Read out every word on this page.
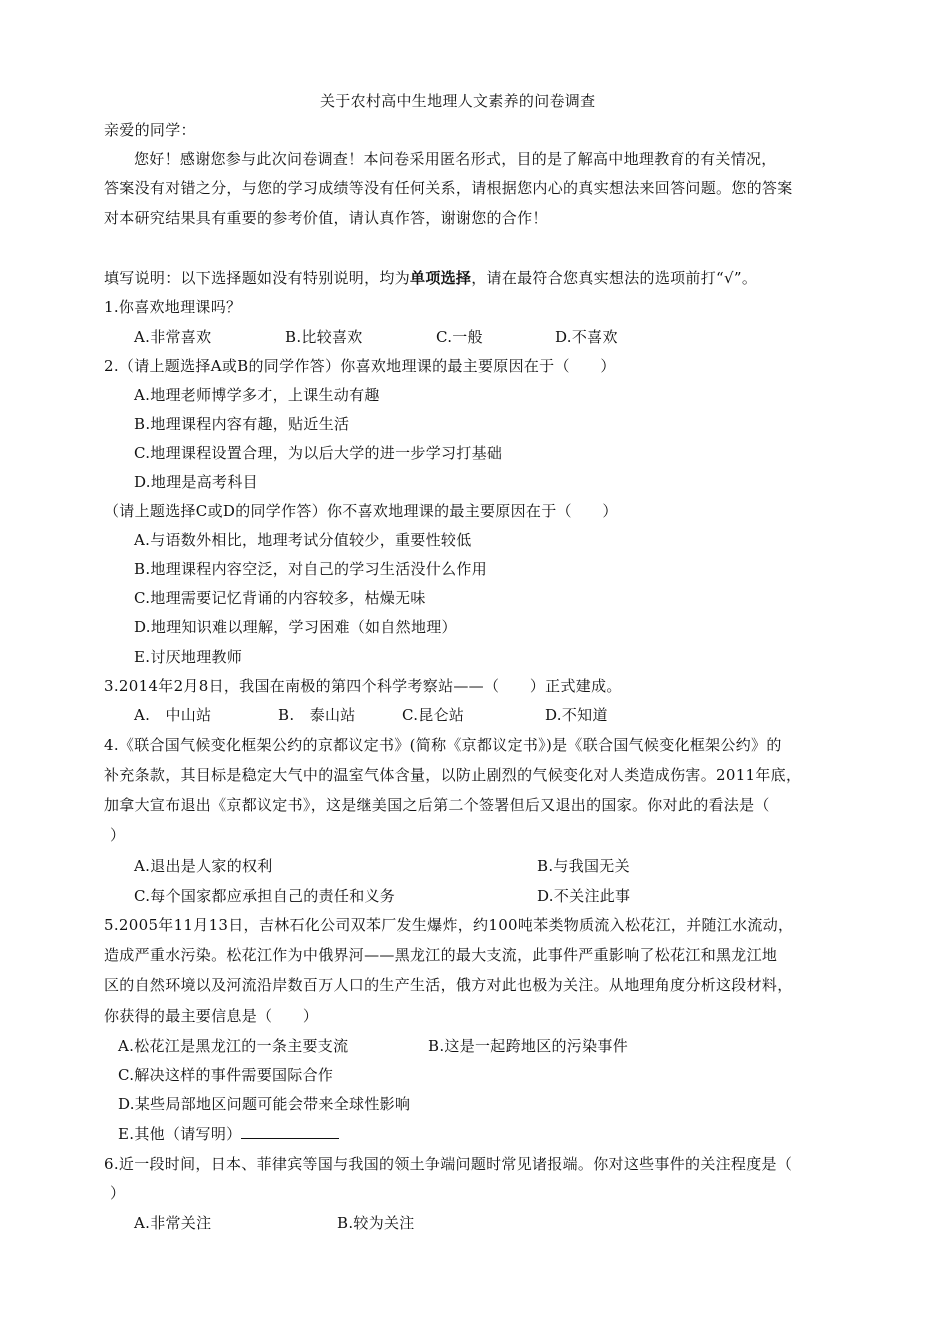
关于农村高中生地理人文素养的问卷调查
亲爱的同学：
您好！感谢您参与此次问卷调查！本问卷采用匿名形式，目的是了解高中地理教育的有关情况，
答案没有对错之分，与您的学习成绩等没有任何关系，请根据您内心的真实想法来回答问题。您的答案
对本研究结果具有重要的参考价值，请认真作答，谢谢您的合作！
填写说明：以下选择题如没有特别说明，均为单项选择，请在最符合您真实想法的选项前打“√”。
1.你喜欢地理课吗？
A.非常喜欢	B.比较喜欢	C.一般	D.不喜欢
2.（请上题选择A或B的同学作答）你喜欢地理课的最主要原因在于（　　）
A.地理老师博学多才，上课生动有趣
B.地理课程内容有趣，贴近生活
C.地理课程设置合理，为以后大学的进一步学习打基础
D.地理是高考科目
（请上题选择C或D的同学作答）你不喜欢地理课的最主要原因在于（　　）
A.与语数外相比，地理考试分值较少，重要性较低
B.地理课程内容空泛，对自己的学习生活没什么作用
C.地理需要记忆背诵的内容较多，枯燥无味
D.地理知识难以理解，学习困难（如自然地理）
E.讨厌地理教师
3.2014年2月8日，我国在南极的第四个科学考察站——（　　）正式建成。
A.　中山站	B.　泰山站	C.昆仑站	D.不知道
4.《联合国气候变化框架公约的京都议定书》(简称《京都议定书》)是《联合国气候变化框架公约》的
补充条款，其目标是稳定大气中的温室气体含量，以防止剧烈的气候变化对人类造成伤害。2011年底，
加拿大宣布退出《京都议定书》，这是继美国之后第二个签署但后又退出的国家。你对此的看法是（
）
A.退出是人家的权利	B.与我国无关
C.每个国家都应承担自己的责任和义务	D.不关注此事
5.2005年11月13日，吉林石化公司双苯厂发生爆炸，约100吨苯类物质流入松花江，并随江水流动，
造成严重水污染。松花江作为中俄界河——黑龙江的最大支流，此事件严重影响了松花江和黑龙江地
区的自然环境以及河流沿岸数百万人口的生产生活，俄方对此也极为关注。从地理角度分析这段材料，
你获得的最主要信息是（　　）
A.松花江是黑龙江的一条主要支流	B.这是一起跨地区的污染事件
C.解决这样的事件需要国际合作
D.某些局部地区问题可能会带来全球性影响
E.其他（请写明）
6.近一段时间，日本、菲律宾等国与我国的领土争端问题时常见诸报端。你对这些事件的关注程度是（
）
A.非常关注	B.较为关注
